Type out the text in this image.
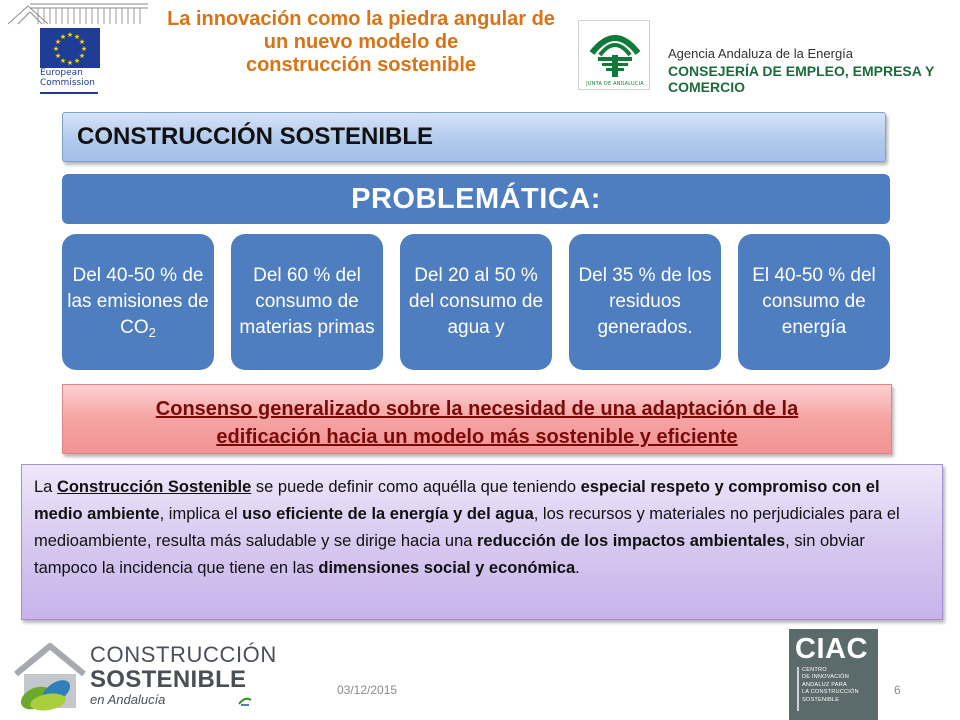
★ ★
★
★
★
★
★
★
★
★
★
★
European
Commission
La innovación como la piedra angular de
un nuevo modelo de
construcción sostenible
JUNTA DE ANDALUCIA
Agencia Andaluza de la Energía
CONSEJERÍA DE EMPLEO, EMPRESA Y COMERCIO
CONSTRUCCIÓN SOSTENIBLE
PROBLEMÁTICA:
Del 40-50 % de las emisiones de $CO_2$
Del 60 % del consumo de materias primas
Del 20 al 50 % del consumo de agua y
Del 35 % de los residuos generados.
El 40-50 % del consumo de energía
Consenso generalizado sobre la necesidad de una adaptación de la
edificación hacia un modelo más sostenible y eficiente
La Construcción Sostenible se puede definir como aquélla que teniendo especial respeto y compromiso con el medio ambiente, implica el uso eficiente de la energía y del agua, los recursos y materiales no perjudiciales para el medioambiente, resulta más saludable y se dirige hacia una reducción de los impactos ambientales, sin obviar tampoco la incidencia que tiene en las dimensiones social y económica.
CONSTRUCCIÓN
SOSTENIBLE
en Andalucía
03/12/2015	6
CIAC
CENTRO
DE INNOVACIÓN
ANDALUZ PARA
LA CONSTRUCCIÓN
SOSTENIBLE
